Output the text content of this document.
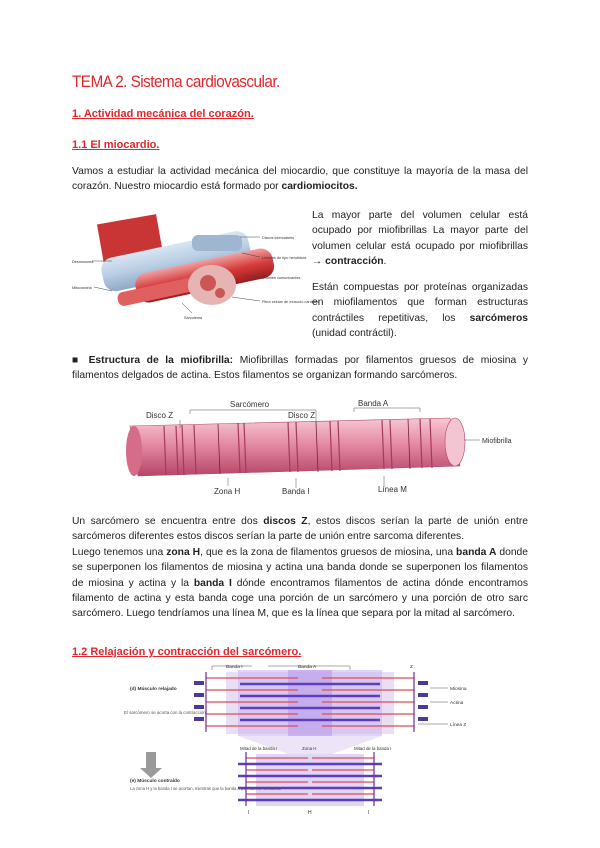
TEMA 2. Sistema cardiovascular.
1. Actividad mecánica del corazón.
1.1 El miocardio.
Vamos a estudiar la actividad mecánica del miocardio, que constituye la mayoría de la masa del corazón. Nuestro miocardio está formado por cardiomiocitos.
Discos intercalares
Uniones de tipo hendidura
Uniones comunicantes
Fibra celular de músculo cardíaco
Desmosoma
Mitocondria
Sarcolema
La mayor parte del volumen celular está ocupado por miofibrillas La mayor parte del volumen celular está ocupado por miofibrillas → contracción.
Están compuestas por proteínas organizadas en miofilamentos que forman estructuras contráctiles repetitivas, los sarcómeros (unidad contráctil).
■ Estructura de la miofibrilla: Miofibrillas formadas por filamentos gruesos de miosina y filamentos delgados de actina. Estos filamentos se organizan formando sarcómeros.
Sarcómero
Disco Z	Disco Z
Banda A
Miofibrilla
Zona H	Banda I	Línea M
Un sarcómero se encuentra entre dos discos Z, estos discos serían la parte de unión entre sarcómeros diferentes estos discos serían la parte de unión entre sarcoma diferentes.
Luego tenemos una zona H, que es la zona de filamentos gruesos de miosina, una banda A donde se superponen los filamentos de miosina y actina una banda donde se superponen los filamentos de miosina y actina y la banda I dónde encontramos filamentos de actina dónde encontramos filamento de actina y esta banda coge una porción de un sarcómero y una porción de otro sarc sarcómero. Luego tendríamos una línea M, que es la línea que separa por la mitad al sarcómero.
1.2 Relajación y contracción del sarcómero.
(d) Músculo relajado
Banda I	Banda A	Z
Miosina
Actina
Línea Z
El sarcómero se acorta con la contracción
Mitad de la banda I	Zona H	Mitad de la banda I
(e) Músculo contraído
La zona H y la banda I se acortan, mientras que la banda A permanece constante
I	H	I
